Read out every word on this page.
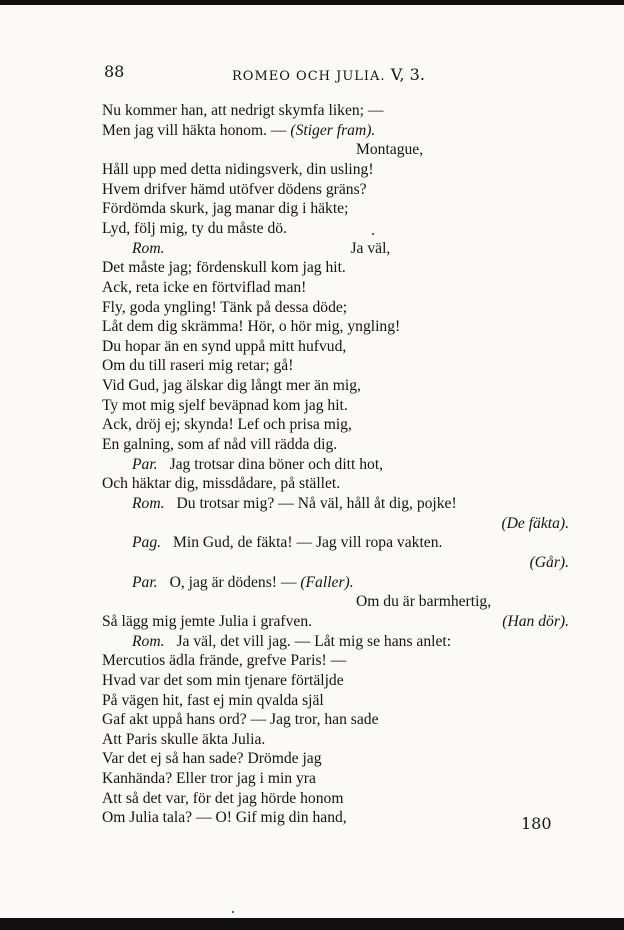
88	ROMEO OCH JULIA. V, 3.
Nu kommer han, att nedrigt skymfa liken; —
Men jag vill häkta honom. — (Stiger fram).
Montague,
Håll upp med detta nidingsverk, din usling!
Hvem drifver hämd utöfver dödens gräns?
Fördömda skurk, jag manar dig i häkte;
Lyd, följ mig, ty du måste dö.
Rom.	Ja väl,
Det måste jag; fördenskull kom jag hit.
Ack, reta icke en förtviflad man!
Fly, goda yngling! Tänk på dessa döde;
Låt dem dig skrämma! Hör, o hör mig, yngling!
Du hopar än en synd uppå mitt hufvud,
Om du till raseri mig retar; gå!
Vid Gud, jag älskar dig långt mer än mig,
Ty mot mig sjelf beväpnad kom jag hit.
Ack, dröj ej; skynda! Lef och prisa mig,
En galning, som af nåd vill rädda dig.
Par. Jag trotsar dina böner och ditt hot,
Och häktar dig, missdådare, på stället.
Rom. Du trotsar mig? — Nå väl, håll åt dig, pojke!
(De fäkta).
Pag. Min Gud, de fäkta! — Jag vill ropa vakten.
(Går).
Par. O, jag är dödens! — (Faller).
Om du är barmhertig,
Så lägg mig jemte Julia i grafven.	(Han dör).
Rom. Ja väl, det vill jag. — Låt mig se hans anlet:
Mercutios ädla frände, grefve Paris! —
Hvad var det som min tjenare förtäljde
På vägen hit, fast ej min qvalda själ
Gaf akt uppå hans ord? — Jag tror, han sade
Att Paris skulle äkta Julia.
Var det ej så han sade? Drömde jag
Kanhända? Eller tror jag i min yra
Att så det var, för det jag hörde honom
Om Julia tala? — O! Gif mig din hand,	180
